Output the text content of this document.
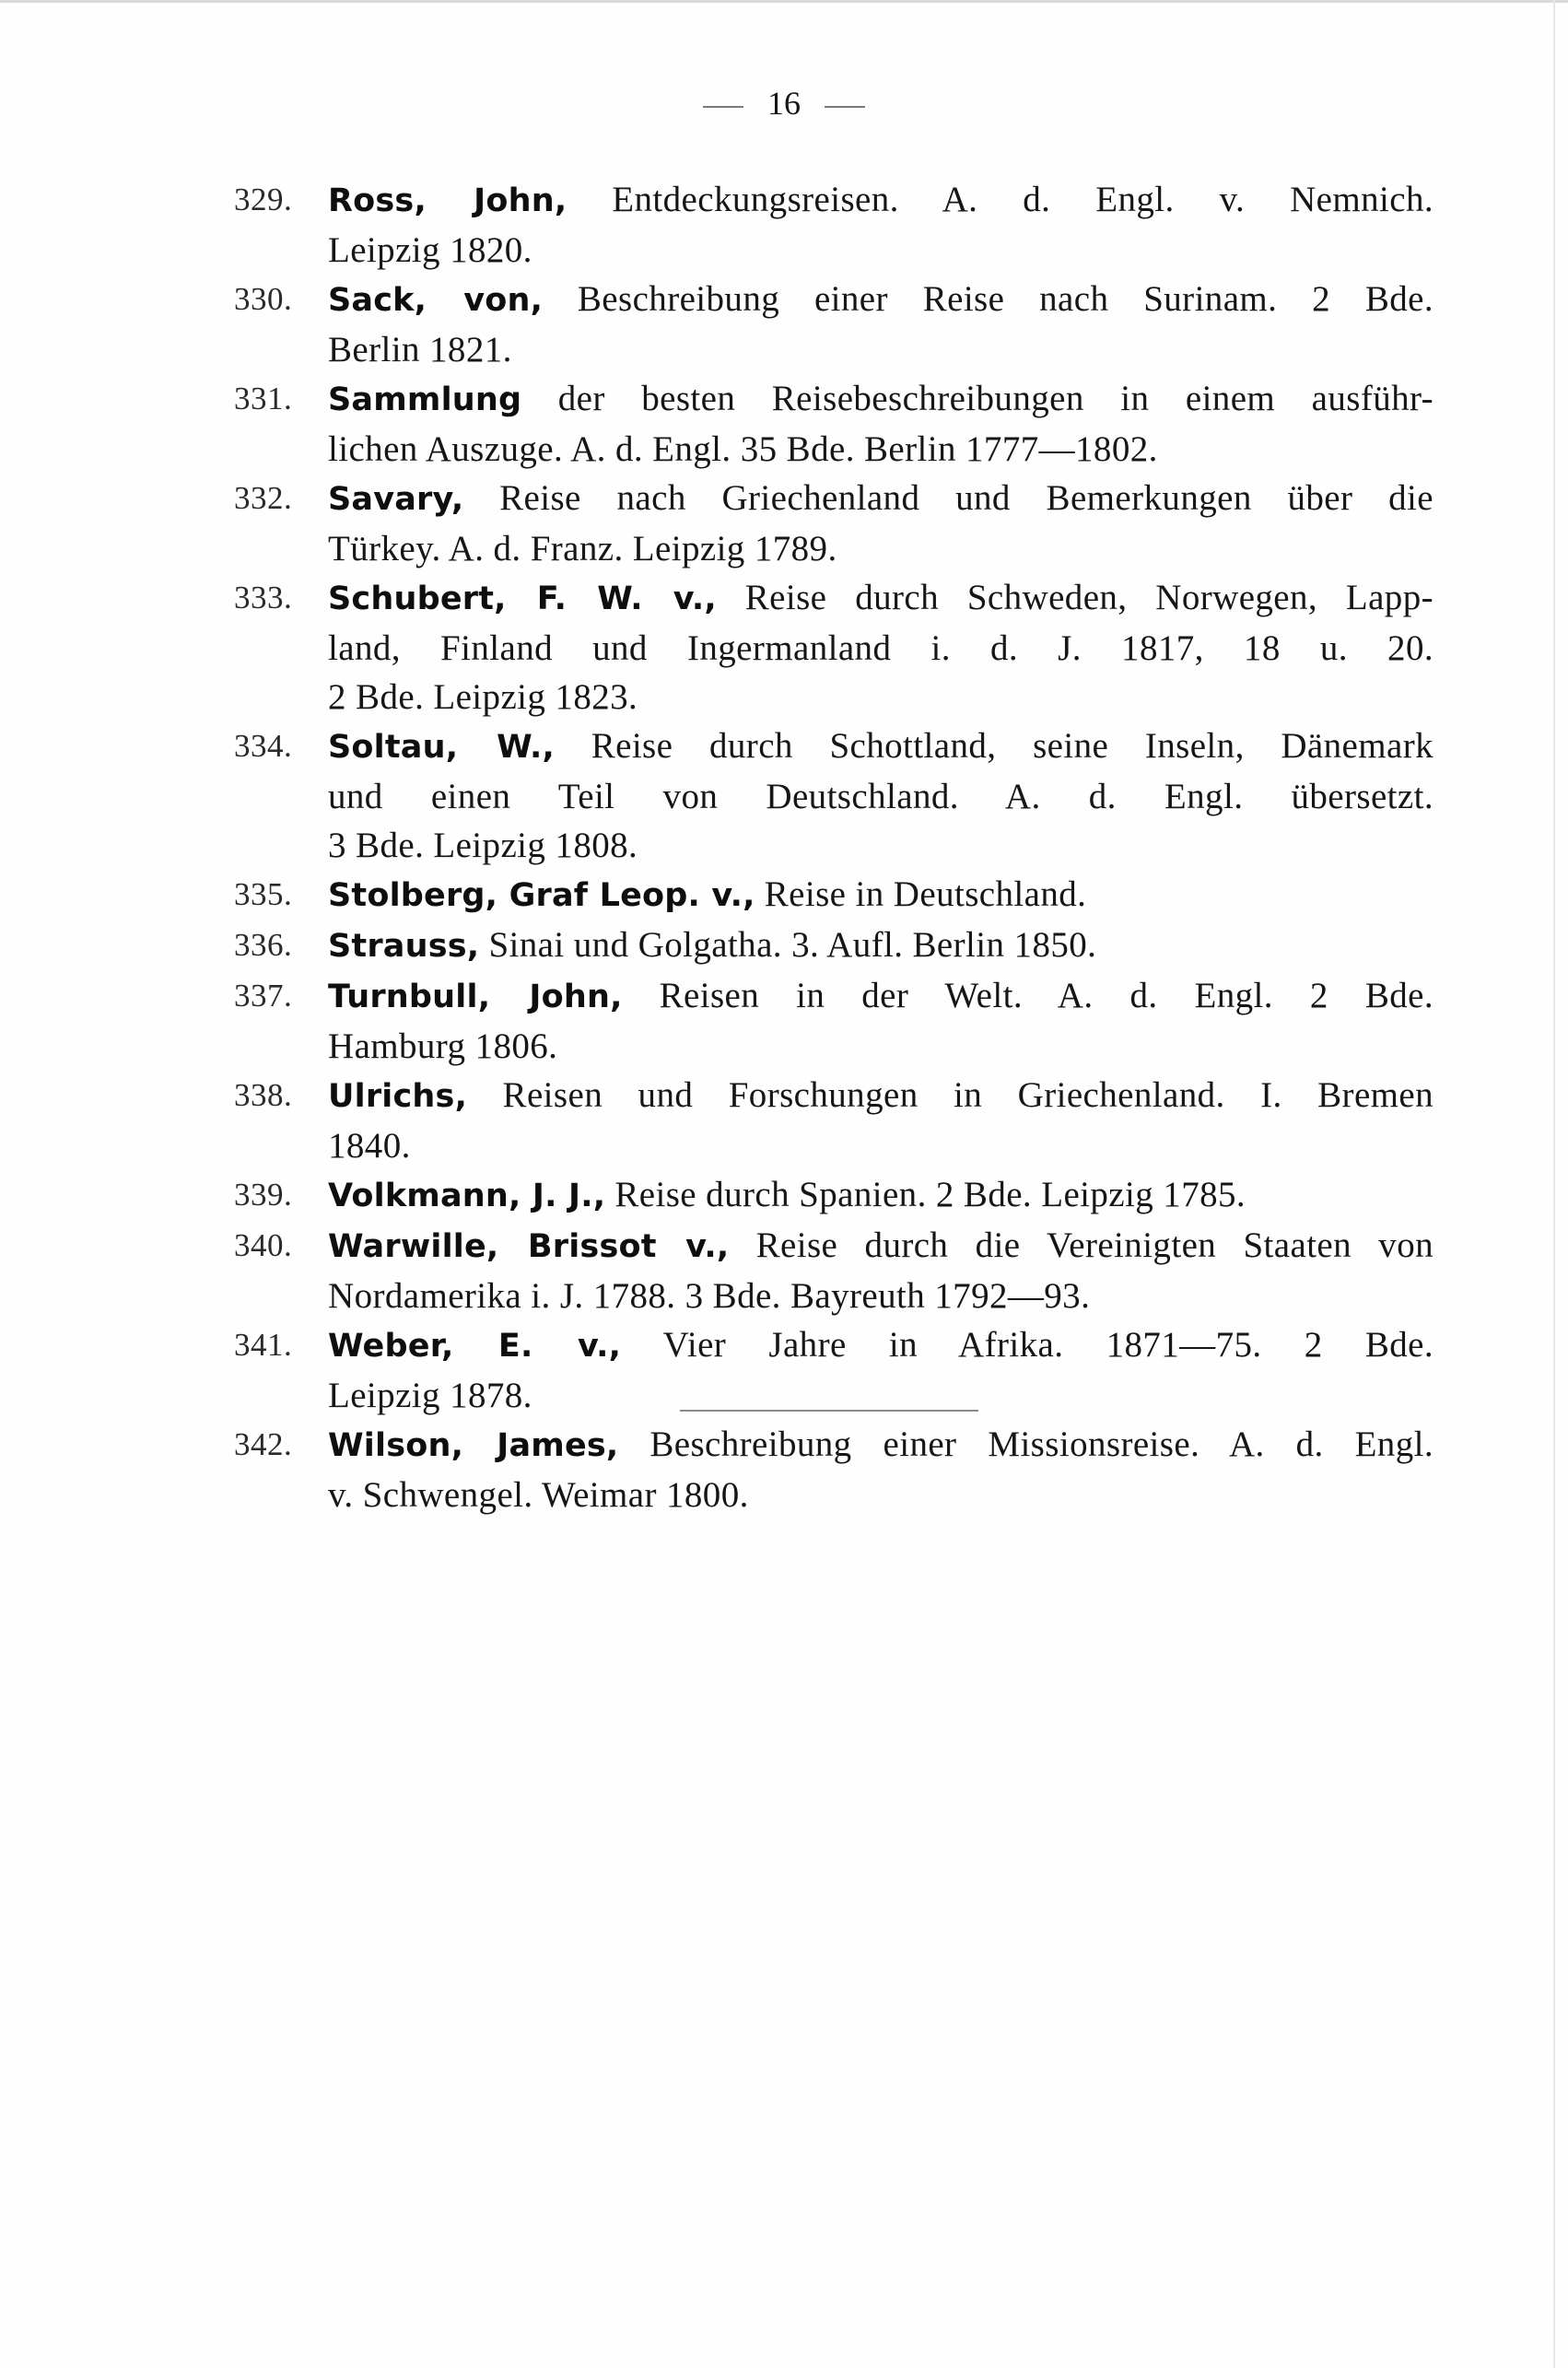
16
329.	Ross, John, Entdeckungsreisen. A. d. Engl. v. Nemnich.
Leipzig 1820.
330.	Sack, von, Beschreibung einer Reise nach Surinam. 2 Bde.
Berlin 1821.
331.	Sammlung der besten Reisebeschreibungen in einem ausführ-
lichen Auszuge. A. d. Engl. 35 Bde. Berlin 1777—1802.
332.	Savary, Reise nach Griechenland und Bemerkungen über die
Türkey. A. d. Franz. Leipzig 1789.
333.	Schubert, F. W. v., Reise durch Schweden, Norwegen, Lapp-
land, Finland und Ingermanland i. d. J. 1817, 18 u. 20.
2 Bde. Leipzig 1823.
334.	Soltau, W., Reise durch Schottland, seine Inseln, Dänemark
und einen Teil von Deutschland. A. d. Engl. übersetzt.
3 Bde. Leipzig 1808.
335.	Stolberg, Graf Leop. v., Reise in Deutschland.
336.	Strauss, Sinai und Golgatha. 3. Aufl. Berlin 1850.
337.	Turnbull, John, Reisen in der Welt. A. d. Engl. 2 Bde.
Hamburg 1806.
338.	Ulrichs, Reisen und Forschungen in Griechenland. I. Bremen
1840.
339.	Volkmann, J. J., Reise durch Spanien. 2 Bde. Leipzig 1785.
340.	Warwille, Brissot v., Reise durch die Vereinigten Staaten von
Nordamerika i. J. 1788. 3 Bde. Bayreuth 1792—93.
341.	Weber, E. v., Vier Jahre in Afrika. 1871—75. 2 Bde.
Leipzig 1878.
342.	Wilson, James, Beschreibung einer Missionsreise. A. d. Engl.
v. Schwengel. Weimar 1800.
